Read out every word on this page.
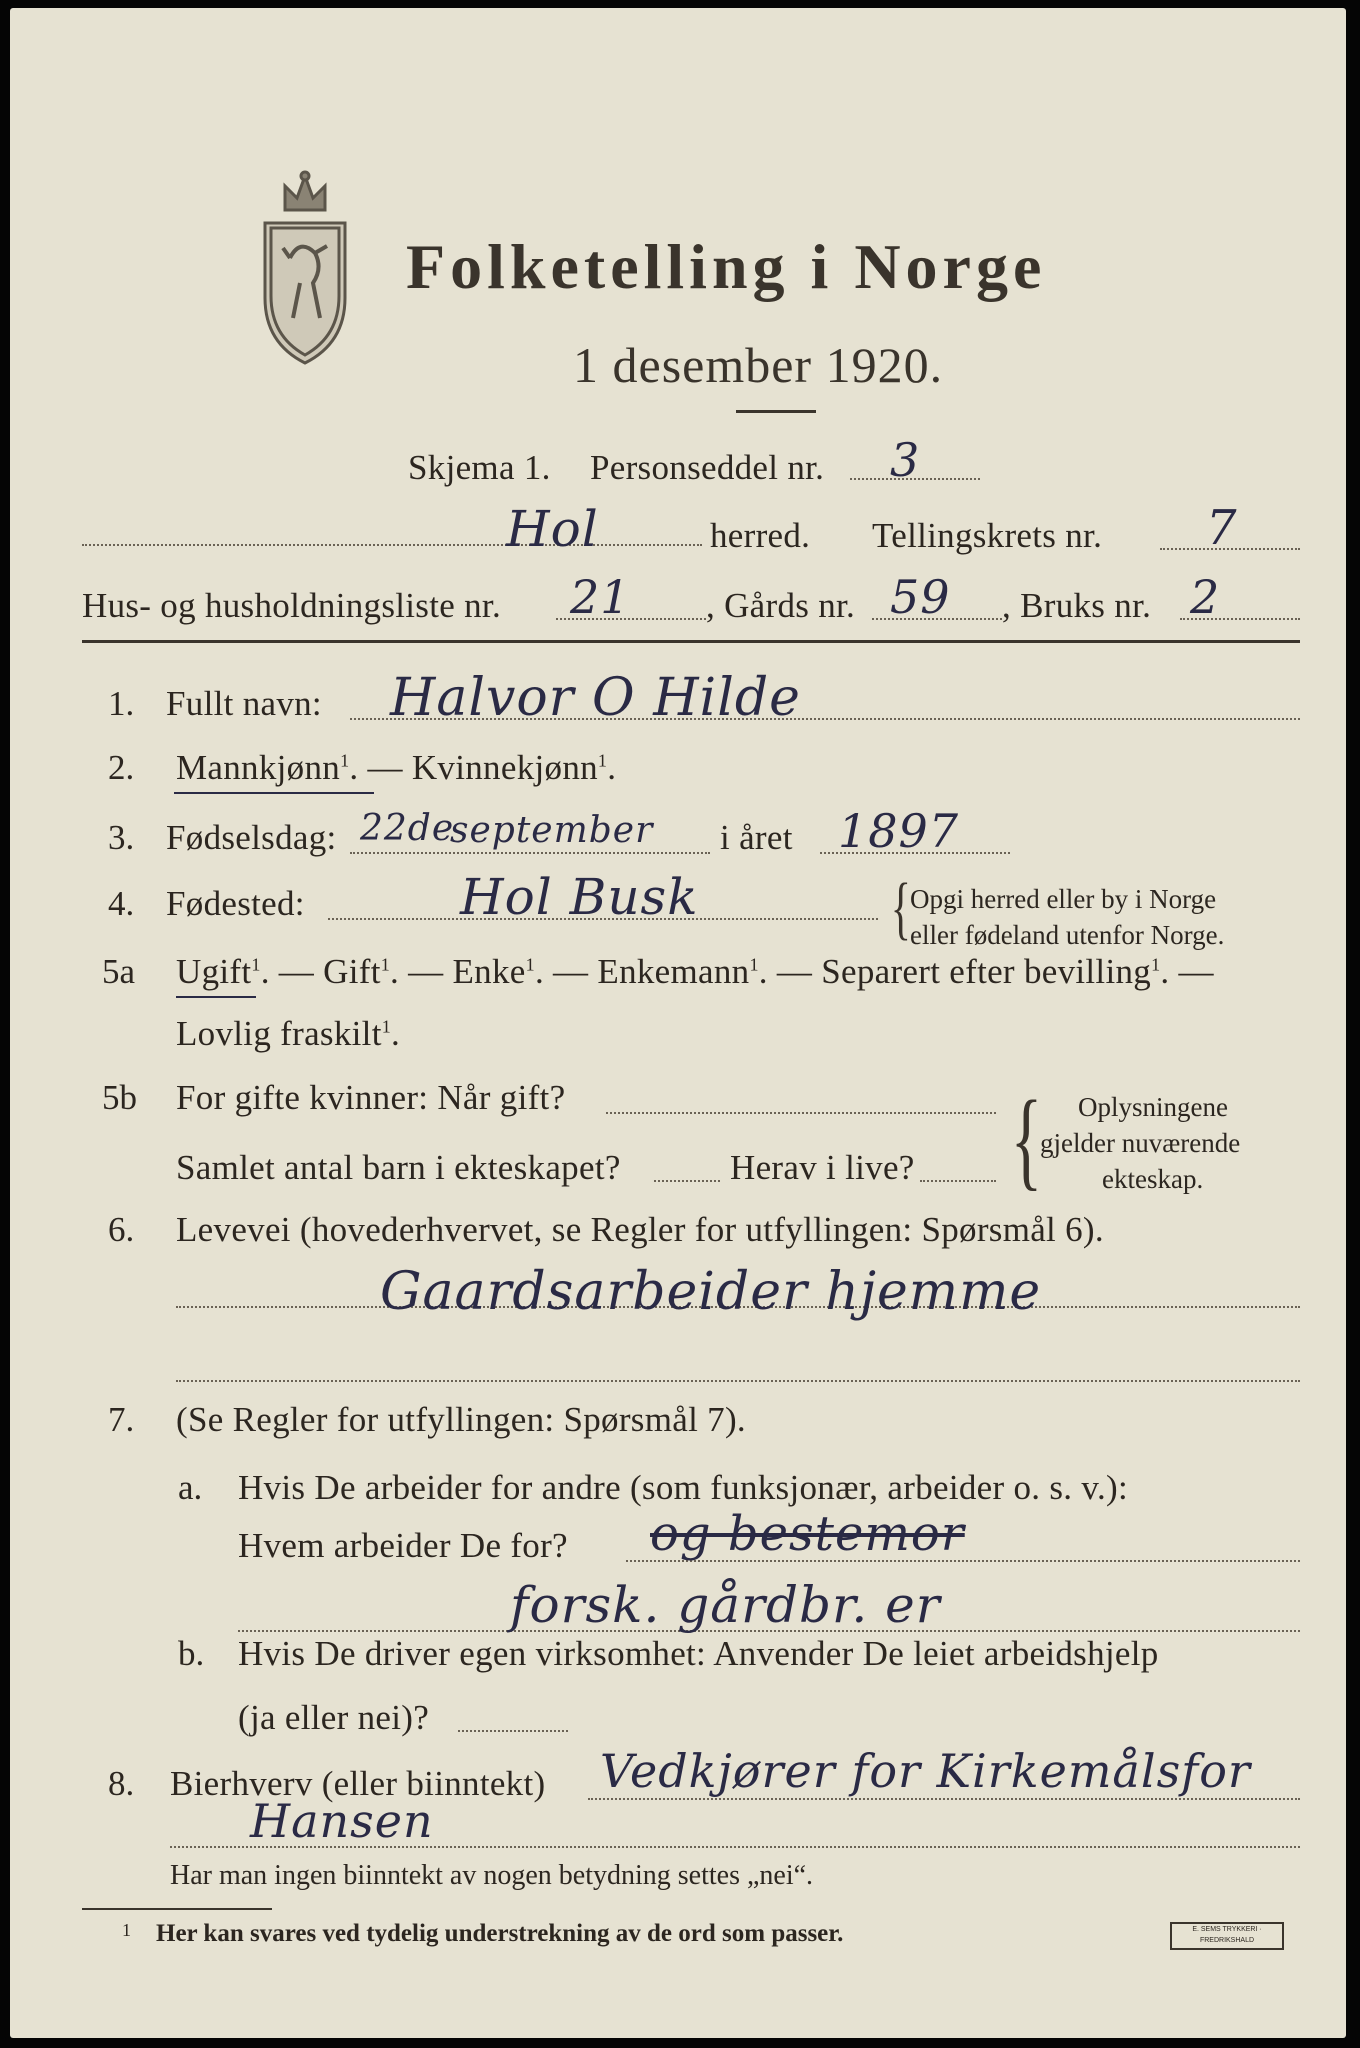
Folketelling i Norge
1 desember 1920.
Skjema 1. Personseddel nr. 3
Hol	herred. Tellingskrets nr. 7
Hus- og husholdningsliste nr. 21 , Gårds nr. 59 , Bruks nr. 2
1. Fullt navn: Halvor O Hilde
2. Mannkjønn$^1$. — Kvinnekjønn$^1$.
3. Fødselsdag: 22de
september i året 1897
4. Fødested:	Hol Busk	{ Opgi herred eller by i Norge
eller fødeland utenfor Norge.
5a Ugift$^1$. — Gift$^1$. — Enke$^1$. — Enkemann$^1$. — Separert efter bevilling$^1$. —
Lovlig fraskilt$^1$.
5b For gifte kvinner: Når gift?
Samlet antal barn i ekteskapet?	Herav i live? { Oplysningene
gjelder nuværende
ekteskap.
6. Levevei (hovederhvervet, se Regler for utfyllingen: Spørsmål 6).
Gaardsarbeider hjemme
7. (Se Regler for utfyllingen: Spørsmål 7).
a. Hvis De arbeider for andre (som funksjonær, arbeider o. s. v.):
Hvem arbeider De for? og bestemor
forsk. gårdbr. er
b. Hvis De driver egen virksomhet: Anvender De leiet arbeidshjelp
(ja eller nei)?
8. Bierhverv (eller biinntekt) Vedkjører for Kirkemålsfor
Hansen
Har man ingen biinntekt av nogen betydning settes „nei“.
1 Her kan svares ved tydelig understrekning av de ord som passer.	E. SEMS TRYKKERI · FREDRIKSHALD
